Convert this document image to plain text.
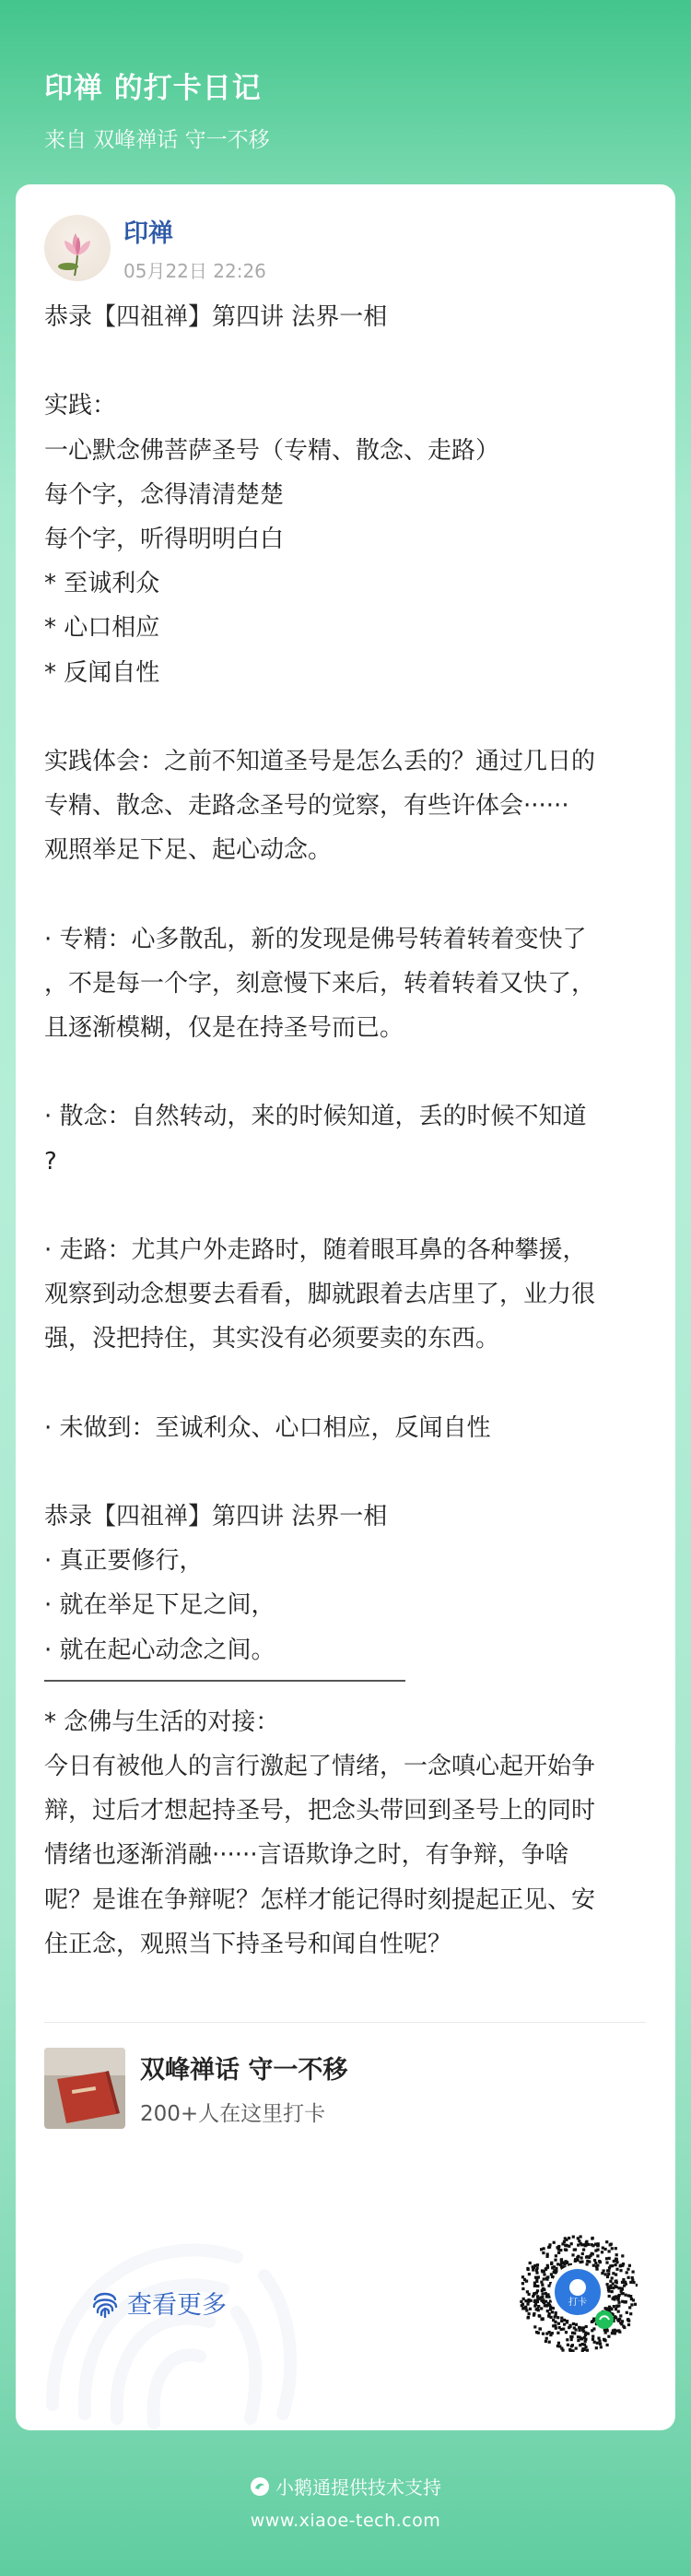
印禅 的打卡日记
来自 双峰禅话 守一不移
印禅
05月22日 22:26
恭录【四祖禅】第四讲 法界一相
实践：
一心默念佛菩萨圣号（专精、散念、走路）
每个字，念得清清楚楚
每个字，听得明明白白
* 至诚利众
* 心口相应
* 反闻自性
实践体会：之前不知道圣号是怎么丢的？通过几日的
专精、散念、走路念圣号的觉察，有些许体会······
观照举足下足、起心动念。
· 专精：心多散乱，新的发现是佛号转着转着变快了
，不是每一个字，刻意慢下来后，转着转着又快了，
且逐渐模糊，仅是在持圣号而已。
· 散念：自然转动，来的时候知道，丢的时候不知道
?
· 走路：尤其户外走路时，随着眼耳鼻的各种攀援，
观察到动念想要去看看，脚就跟着去店里了，业力很
强，没把持住，其实没有必须要卖的东西。
· 未做到：至诚利众、心口相应，反闻自性
恭录【四祖禅】第四讲 法界一相
· 真正要修行，
· 就在举足下足之间，
· 就在起心动念之间。
* 念佛与生活的对接：
今日有被他人的言行激起了情绪，一念嗔心起开始争
辩，过后才想起持圣号，把念头带回到圣号上的同时
情绪也逐渐消融······言语欺诤之时，有争辩，争啥
呢？是谁在争辩呢？怎样才能记得时刻提起正见、安
住正念，观照当下持圣号和闻自性呢？
双峰禅话 守一不移
200+人在这里打卡
查看更多	打卡
小鹅通提供技术支持
www.xiaoe-tech.com
